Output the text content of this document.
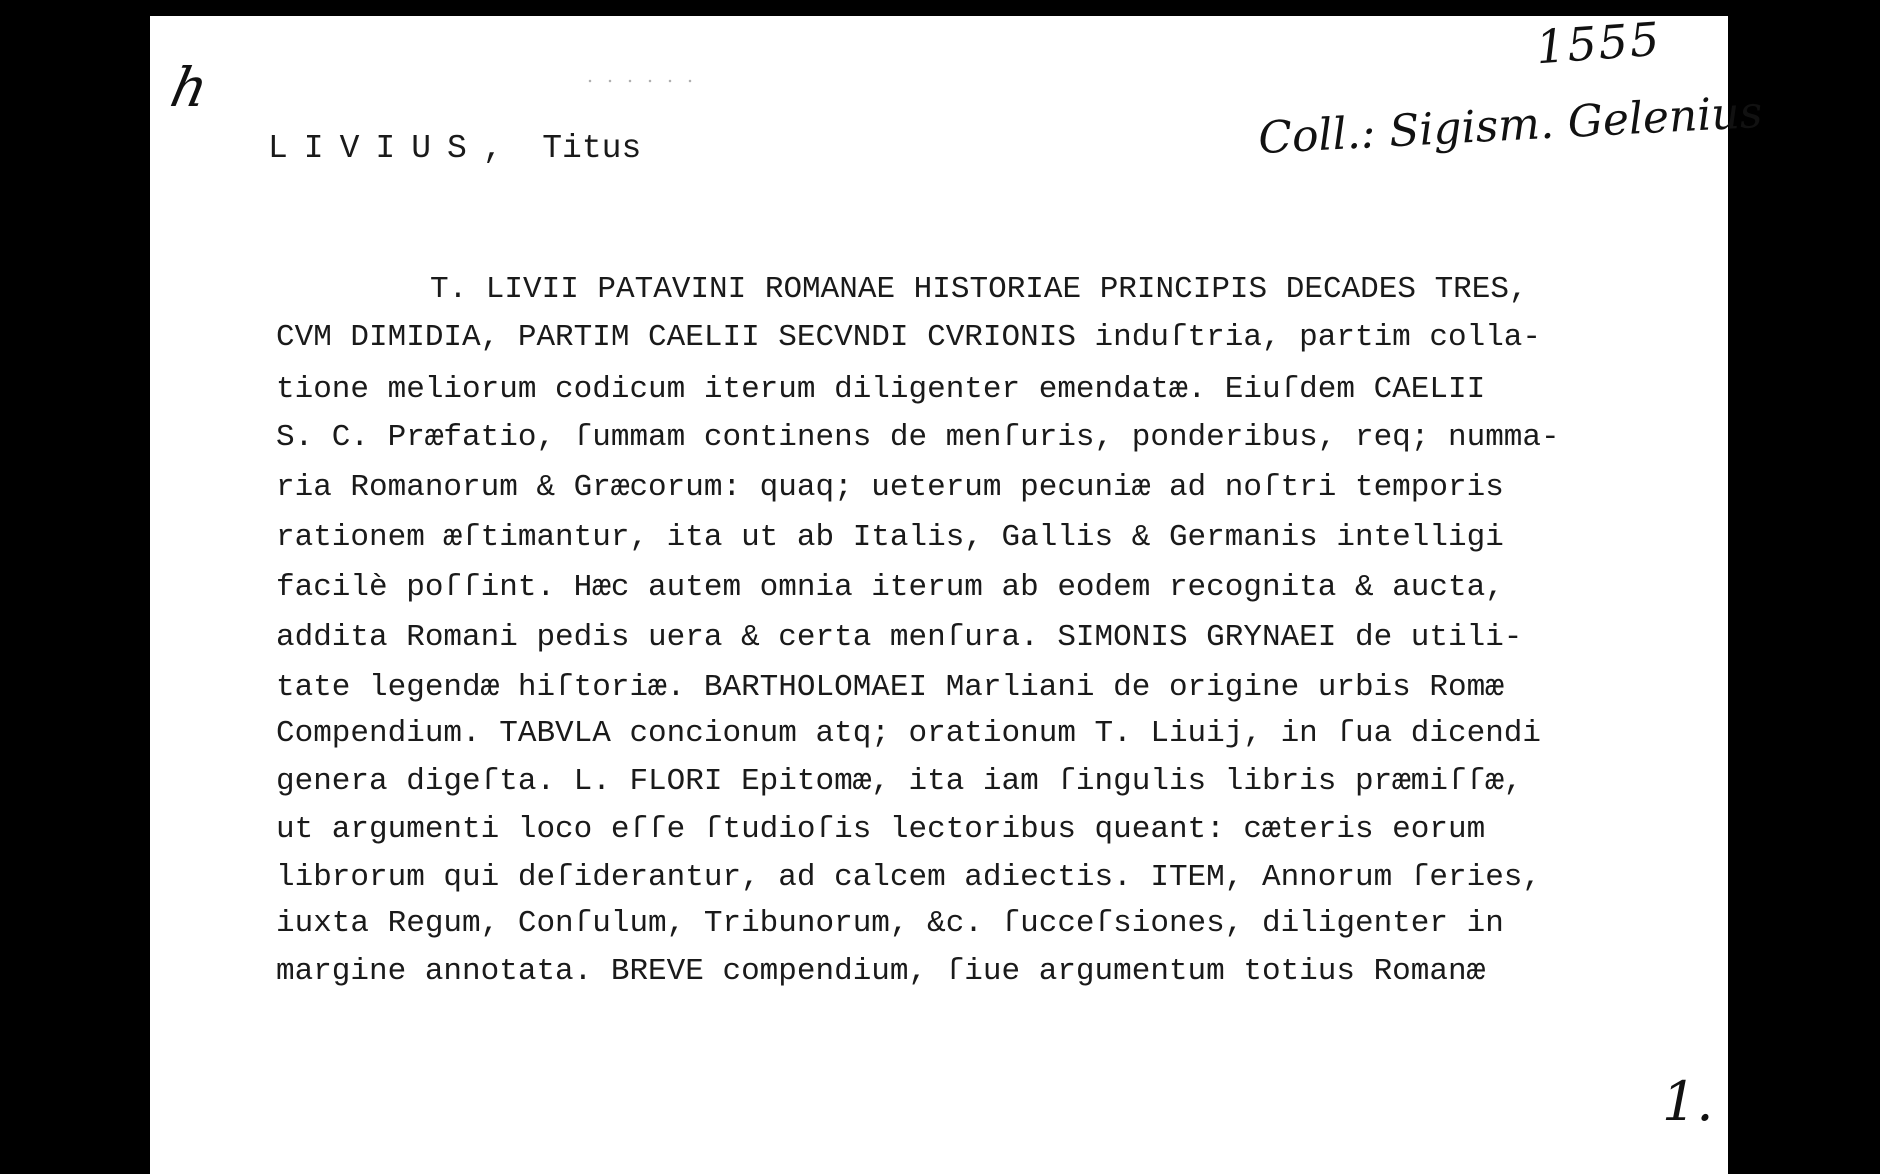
h
1555
Coll.: Sigism. Gelenius
LIVIUS, Titus
T. LIVII PATAVINI ROMANAE HISTORIAE PRINCIPIS DECADES TRES,
CVM DIMIDIA, PARTIM CAELII SECVNDI CVRIONIS induſtria, partim colla-
tione meliorum codicum iterum diligenter emendatæ. Eiuſdem CAELII
S. C. Præfatio, ſummam continens de menſuris, ponderibus, req; numma-
ria Romanorum & Græcorum: quaq; ueterum pecuniæ ad noſtri temporis
rationem æſtimantur, ita ut ab Italis, Gallis & Germanis intelligi
facilè poſſint. Hæc autem omnia iterum ab eodem recognita & aucta,
addita Romani pedis uera & certa menſura. SIMONIS GRYNAEI de utili-
tate legendæ hiſtoriæ. BARTHOLOMAEI Marliani de origine urbis Romæ
Compendium. TABVLA concionum atq; orationum T. Liuij, in ſua dicendi
genera digeſta. L. FLORI Epitomæ, ita iam ſingulis libris præmiſſæ,
ut argumenti loco eſſe ſtudioſis lectoribus queant: cæteris eorum
librorum qui deſiderantur, ad calcem adiectis. ITEM, Annorum ſeries,
iuxta Regum, Conſulum, Tribunorum, &c. ſucceſsiones, diligenter in
margine annotata. BREVE compendium, ſiue argumentum totius Romanæ
1.
